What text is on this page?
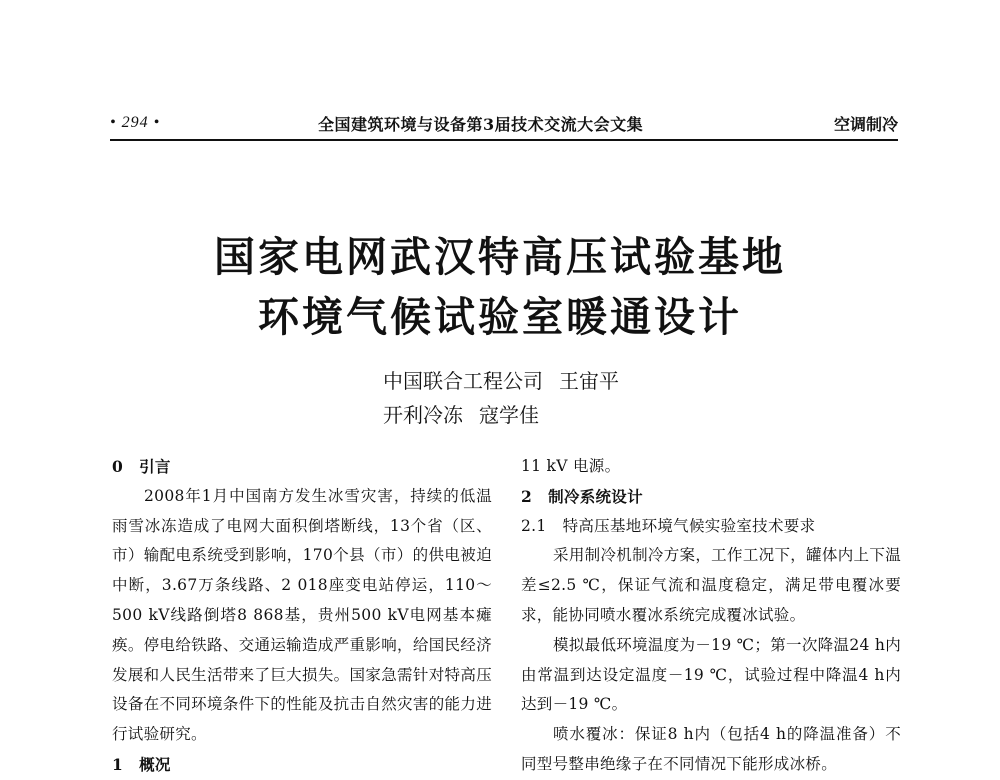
• 294 •	全国建筑环境与设备第3届技术交流大会文集	空调制冷
国家电网武汉特高压试验基地
环境气候试验室暖通设计
中国联合工程公司 王宙平
开利冷冻 寇学佳
0 引言

2008年1月中国南方发生冰雪灾害，持续的低温雨雪冰冻造成了电网大面积倒塔断线，13个省（区、市）输配电系统受到影响，170个县（市）的供电被迫中断，3.67万条线路、2 018座变电站停运，110～500 kV线路倒塔8 868基，贵州500 kV电网基本瘫痪。停电给铁路、交通运输造成严重影响，给国民经济发展和人民生活带来了巨大损失。国家急需针对特高压设备在不同环境条件下的性能及抗击自然灾害的能力进行试验研究。

1 概况

11 kV 电源。

2 制冷系统设计
2.1 特高压基地环境气候实验室技术要求

采用制冷机制冷方案，工作工况下，罐体内上下温差≤2.5 ℃，保证气流和温度稳定，满足带电覆冰要求，能协同喷水覆冰系统完成覆冰试验。

模拟最低环境温度为－19 ℃；第一次降温24 h内由常温到达设定温度－19 ℃，试验过程中降温4 h内达到－19 ℃。

喷水覆冰：保证8 h内（包括4 h的降温准备）不同型号整串绝缘子在不同情况下能形成冰桥。
